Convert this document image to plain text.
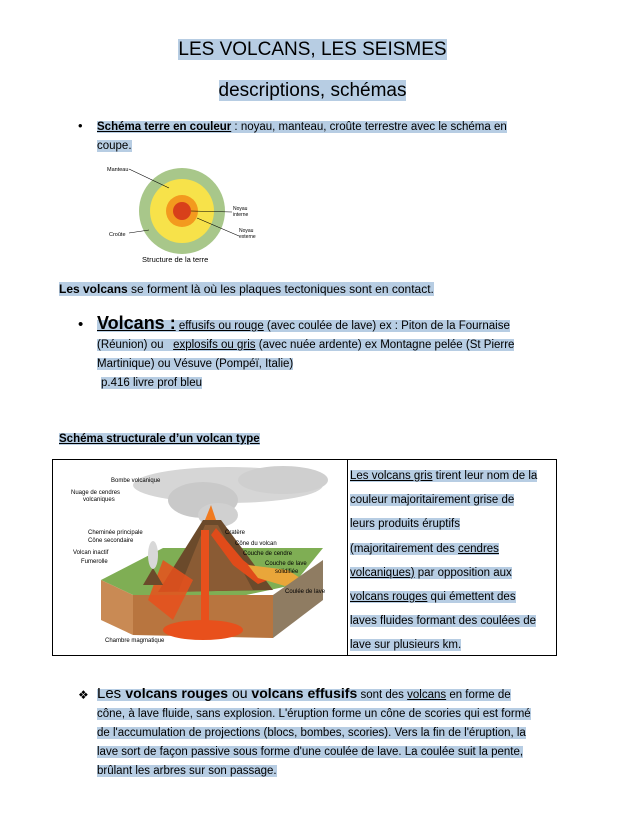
LES VOLCANS, LES SEISMES
descriptions, schémas
• Schéma terre en couleur : noyau, manteau, croûte terrestre avec le schéma en
coupe.
Manteau
Croûte
Noyau
interne
Noyau
externe
Structure de la terre
Les volcans se forment là où les plaques tectoniques sont en contact.
• Volcans : effusifs ou rouge (avec coulée de lave) ex : Piton de la Fournaise
(Réunion) ou   explosifs ou gris (avec nuée ardente) ex Montagne pelée (St Pierre
Martinique) ou Vésuve (Pompéï, Italie)
p.416 livre prof bleu
Schéma structurale d’un volcan type
Bombe volcanique
Nuage de cendres
volcaniques
Cheminée principale
Cône secondaire
Volcan inactif
Fumerolle
Cratère
Cône du volcan
Couche de cendre
Couche de lave
solidifiée
Coulée de lave
Chambre magmatique
Les volcans gris tirent leur nom de la
couleur majoritairement grise de
leurs produits éruptifs
(majoritairement des cendres
volcaniques) par opposition aux
volcans rouges qui émettent des
laves fluides formant des coulées de
lave sur plusieurs km.
❖ Les volcans rouges ou volcans effusifs sont des volcans en forme de
cône, à lave fluide, sans explosion. L'éruption forme un cône de scories qui est formé
de l'accumulation de projections (blocs, bombes, scories). Vers la fin de l'éruption, la
lave sort de façon passive sous forme d'une coulée de lave. La coulée suit la pente,
brûlant les arbres sur son passage.
